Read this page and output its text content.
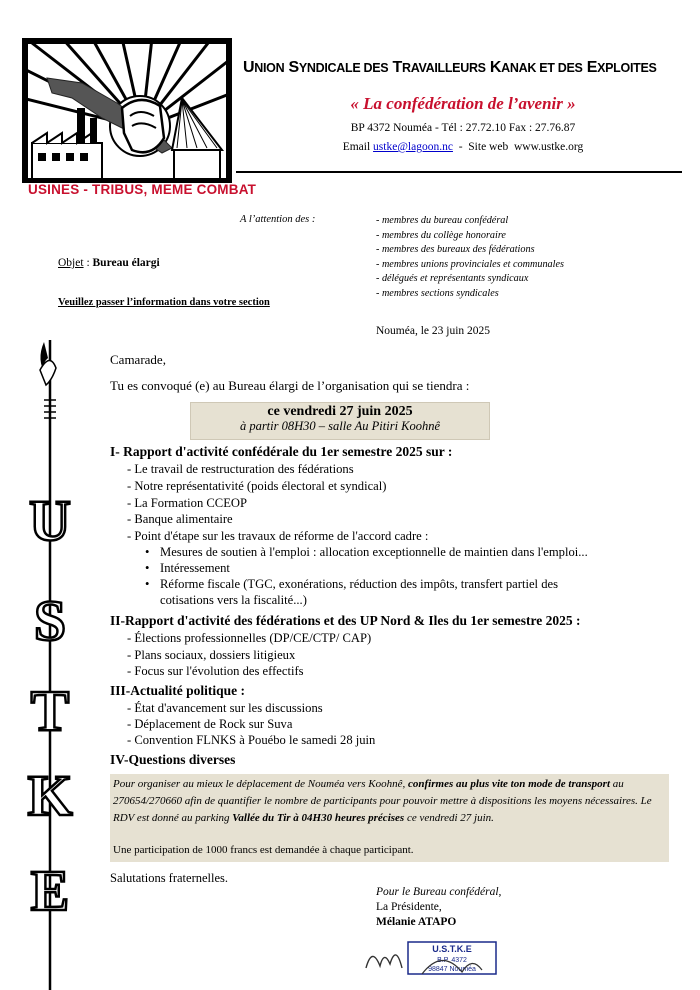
USINES - TRIBUS, MEME COMBAT
UNION SYNDICALE DES TRAVAILLEURS KANAK ET DES EXPLOITES
« La confédération de l’avenir »
BP 4372 Nouméa - Tél : 27.72.10 Fax : 27.76.87
Email ustke@lagoon.nc  -  Site web  www.ustke.org
A l’attention des :	- membres du bureau confédéral
- membres du collège honoraire
- membres des bureaux des fédérations
- membres unions provinciales et communales
- délégués et représentants syndicaux
- membres sections syndicales
Objet : Bureau élargi
Veuillez passer l’information dans votre section
Nouméa, le 23 juin 2025
U
S
T
K
E
Camarade,
Tu es convoqué (e) au Bureau élargi de l’organisation qui se tiendra :
ce vendredi 27 juin 2025
à partir 08H30 – salle Au Pitiri Koohnê
I- Rapport d'activité confédérale du 1er semestre 2025 sur :
- Le travail de restructuration des fédérations
- Notre représentativité (poids électoral et syndical)
- La Formation CCEOP
- Banque alimentaire
- Point d'étape sur les travaux de réforme de l'accord cadre :
• Mesures de soutien à l'emploi : allocation exceptionnelle de maintien dans l'emploi...
• Intéressement
• Réforme fiscale (TGC, exonérations, réduction des impôts, transfert partiel des
cotisations vers la fiscalité...)
II-Rapport d'activité des fédérations et des UP Nord & Iles du 1er semestre 2025 :
- Élections professionnelles (DP/CE/CTP/ CAP)
- Plans sociaux, dossiers litigieux
- Focus sur l'évolution des effectifs
III-Actualité politique :
- État d'avancement sur les discussions
- Déplacement de Rock sur Suva
- Convention FLNKS à Pouébo le samedi 28 juin
IV-Questions diverses
Pour organiser au mieux le déplacement de Nouméa vers Koohnê, confirmes au plus vite ton mode de transport au 270654/270660 afin de quantifier le nombre de participants pour pouvoir mettre à dispositions les moyens nécessaires. Le RDV est donné au parking Vallée du Tir à 04H30 heures précises ce vendredi 27 juin.
Une participation de 1000 francs est demandée à chaque participant.
Salutations fraternelles.
Pour le Bureau confédéral,
La Présidente,
Mélanie ATAPO
U.S.T.K.E
B.P. 4372
98847 Nouméa
